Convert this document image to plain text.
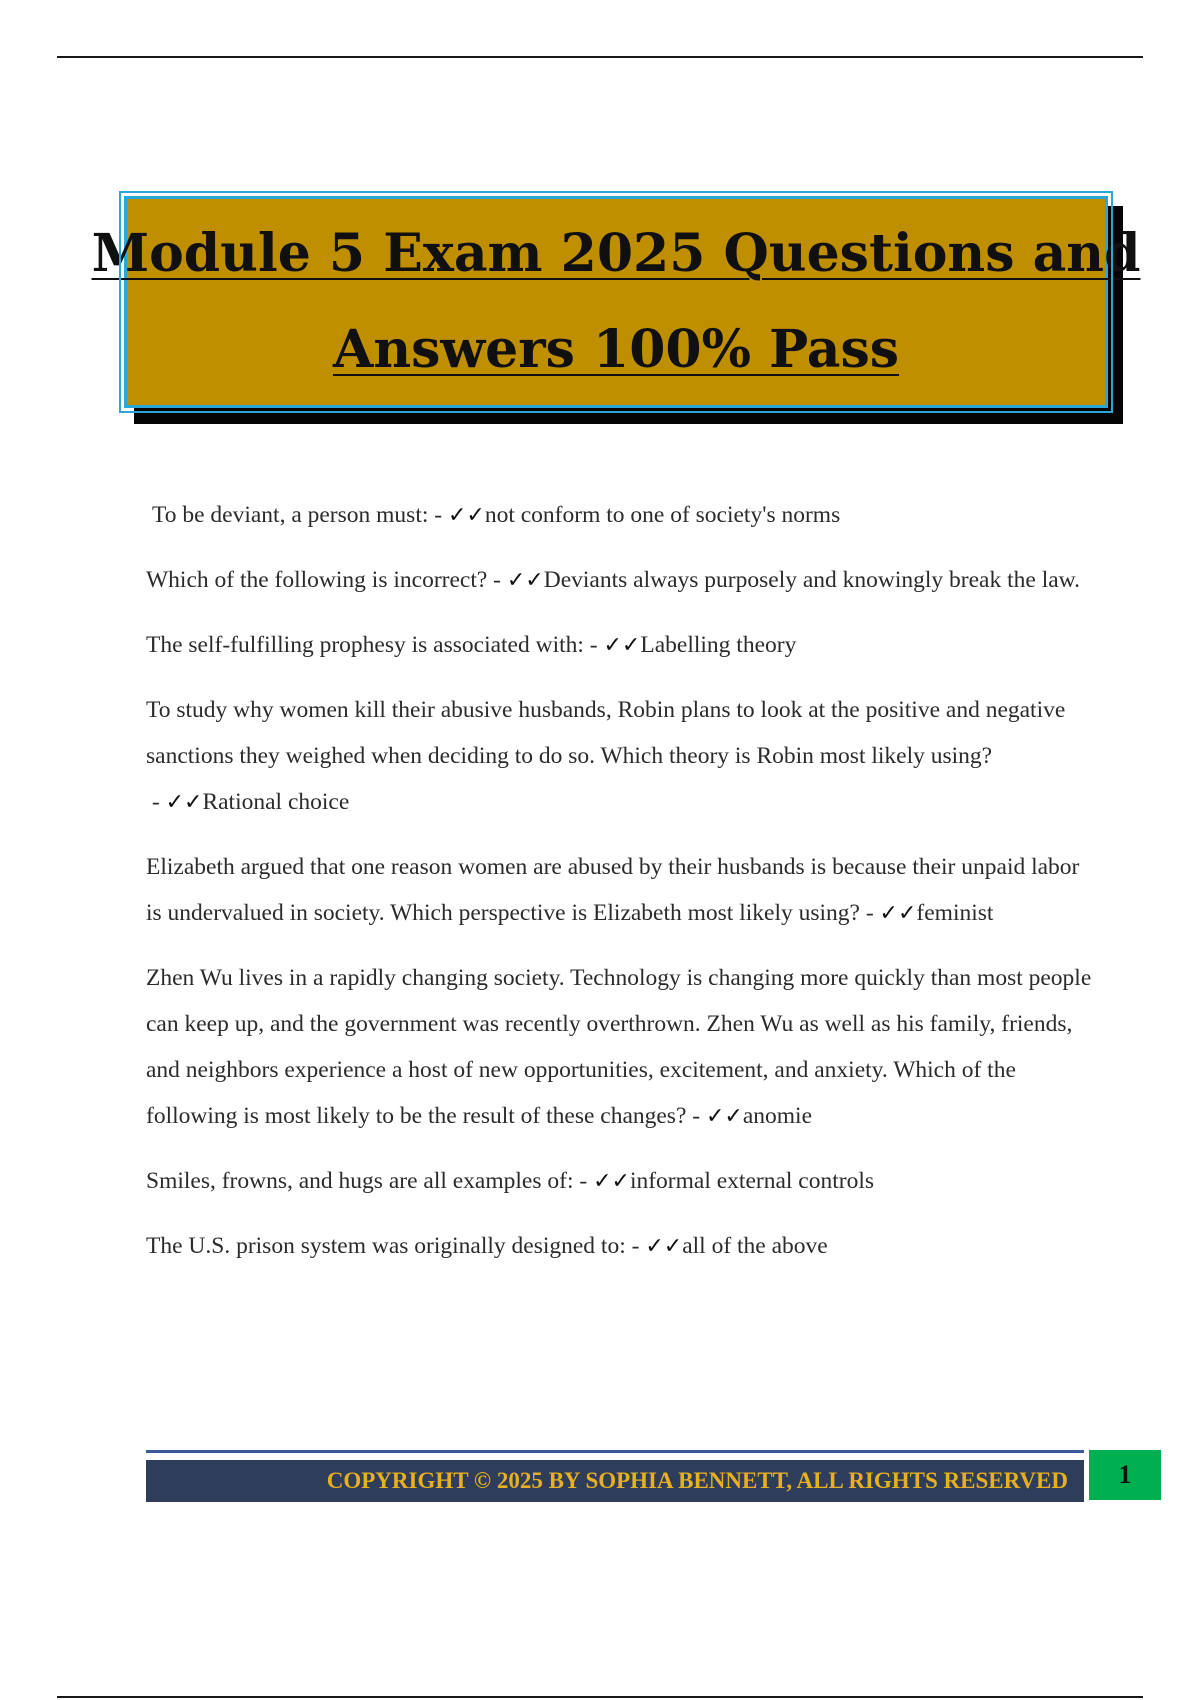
Module 5 Exam 2025 Questions and
Answers 100% Pass

To be deviant, a person must: - ✓✓not conform to one of society's norms

Which of the following is incorrect? - ✓✓Deviants always purposely and knowingly break the law.

The self-fulfilling prophesy is associated with: - ✓✓Labelling theory

To study why women kill their abusive husbands, Robin plans to look at the positive and negative sanctions they weighed when deciding to do so. Which theory is Robin most likely using? - ✓✓Rational choice

Elizabeth argued that one reason women are abused by their husbands is because their unpaid labor is undervalued in society. Which perspective is Elizabeth most likely using? - ✓✓feminist

Zhen Wu lives in a rapidly changing society. Technology is changing more quickly than most people can keep up, and the government was recently overthrown. Zhen Wu as well as his family, friends, and neighbors experience a host of new opportunities, excitement, and anxiety. Which of the following is most likely to be the result of these changes? - ✓✓anomie

Smiles, frowns, and hugs are all examples of: - ✓✓informal external controls

The U.S. prison system was originally designed to: - ✓✓all of the above

COPYRIGHT © 2025 BY SOPHIA BENNETT, ALL RIGHTS RESERVED 1
